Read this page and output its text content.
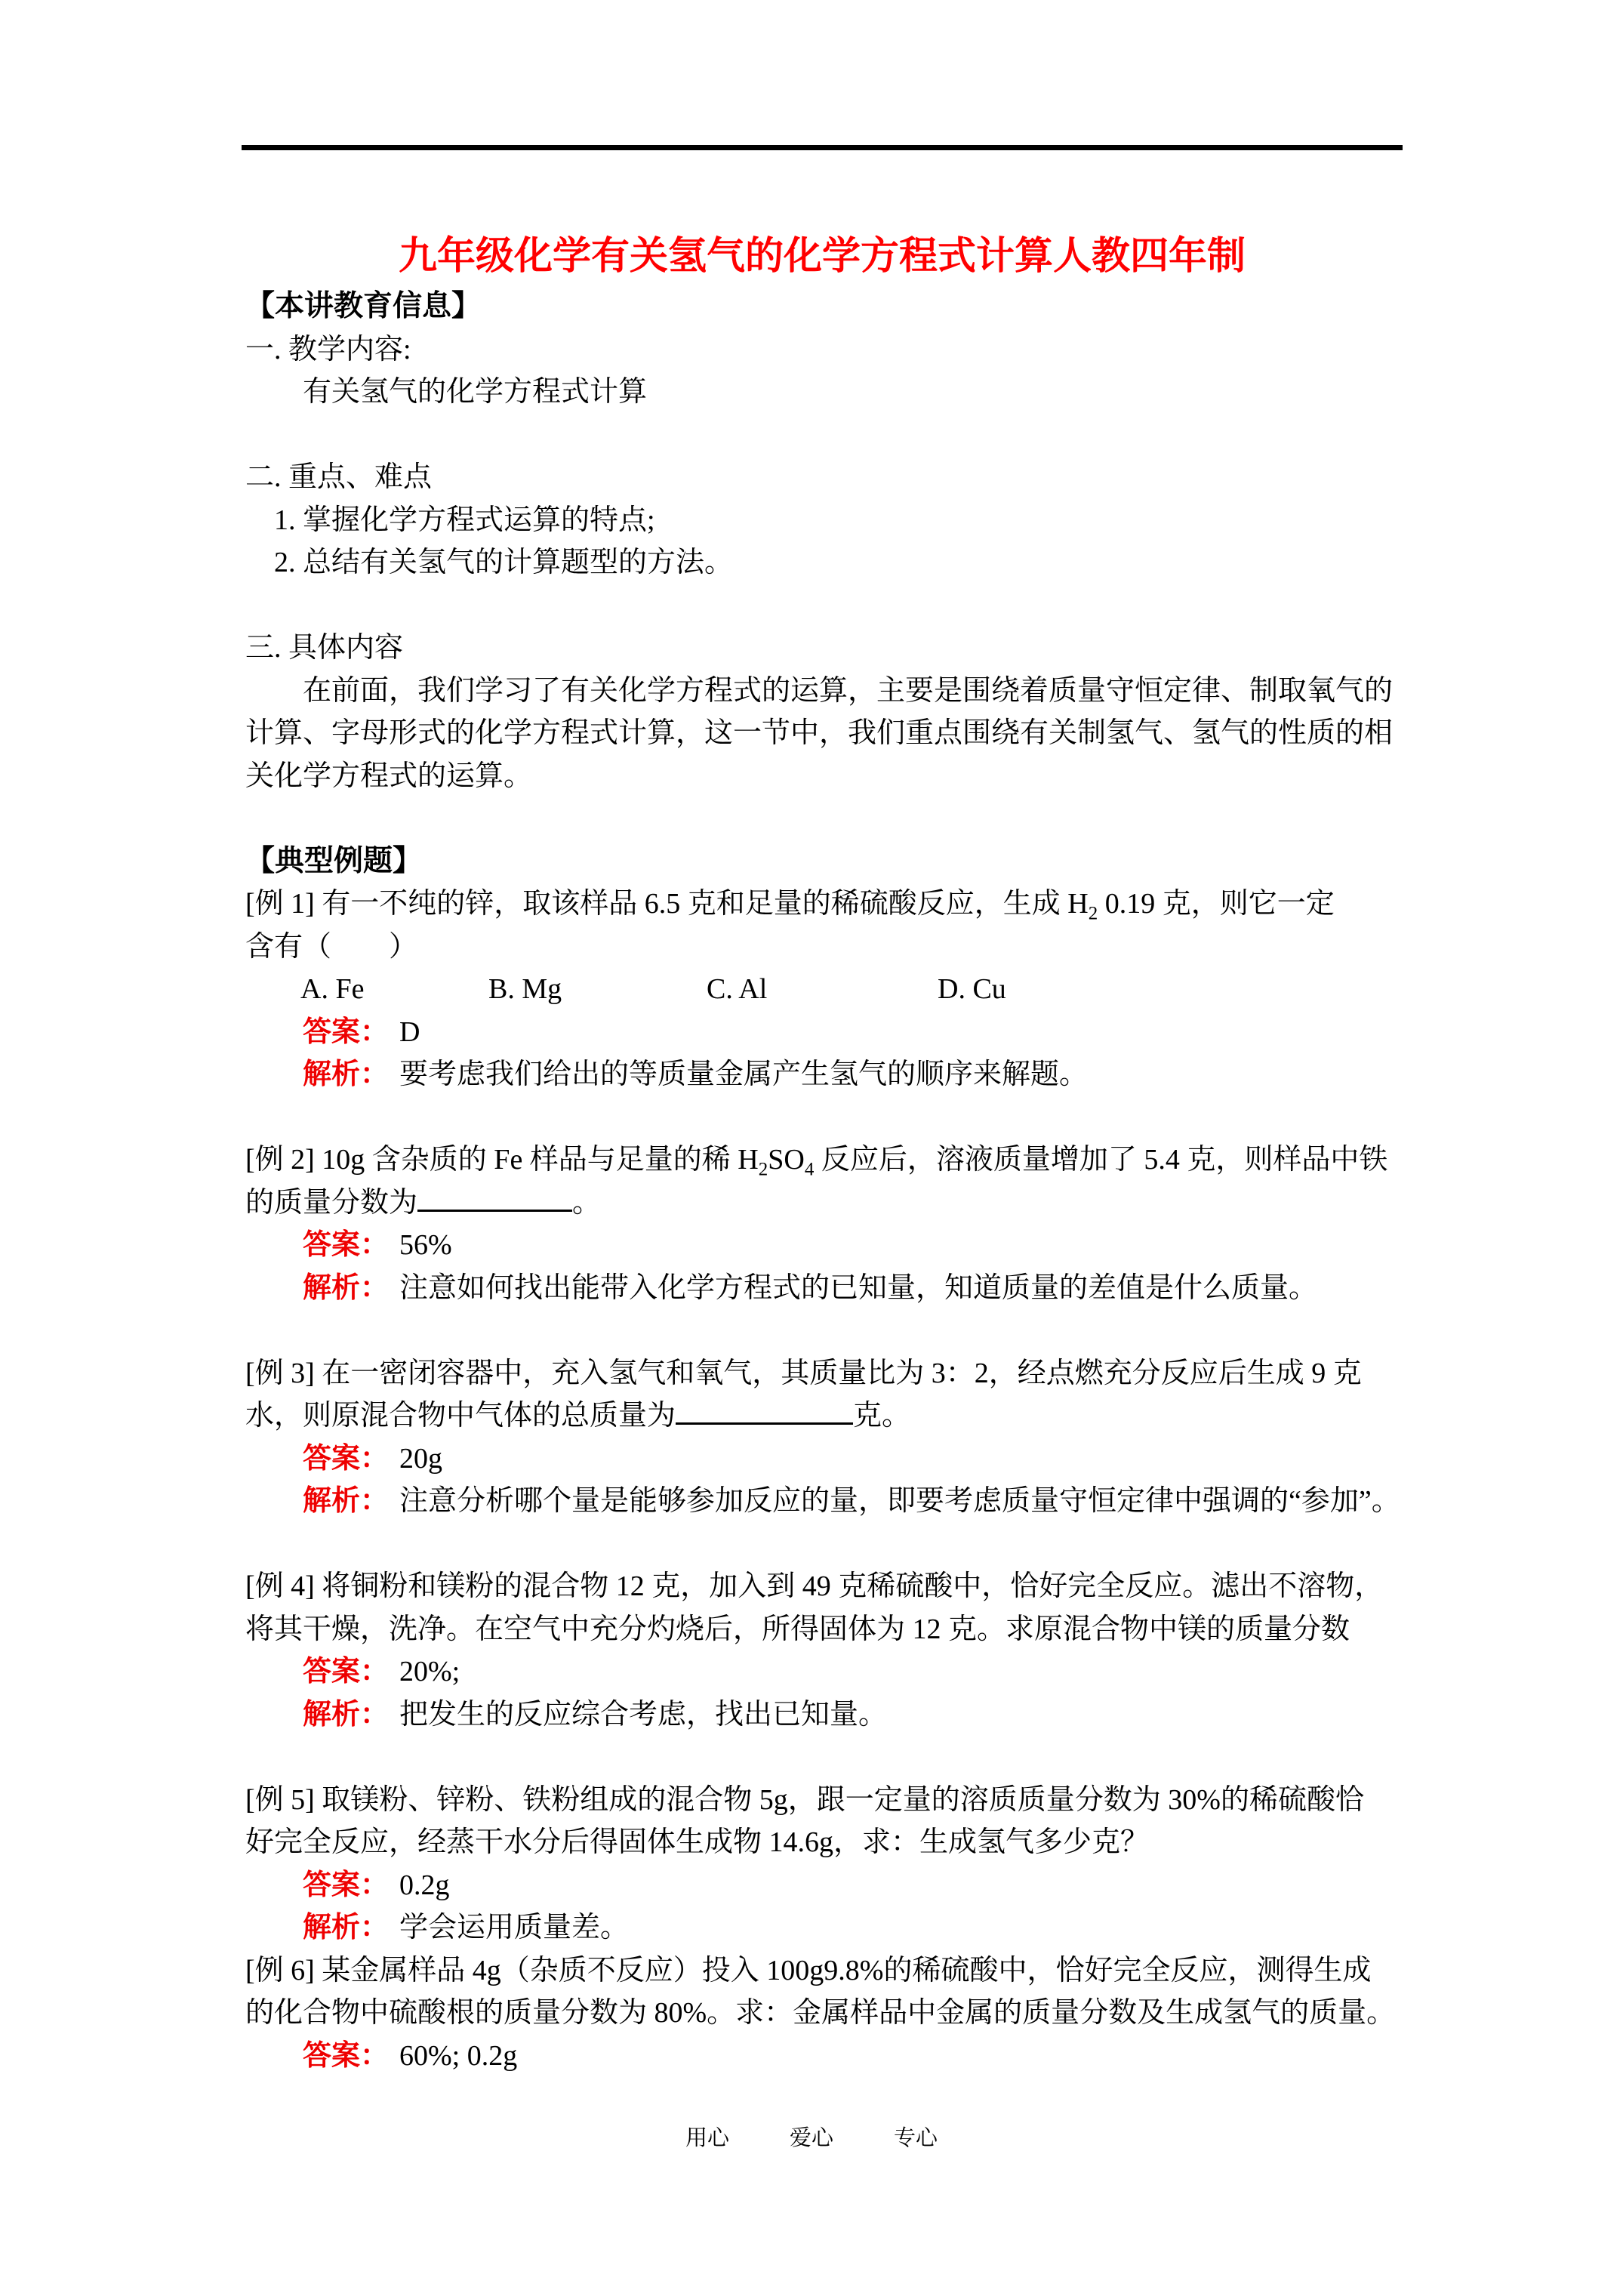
九年级化学有关氢气的化学方程式计算人教四年制
【本讲教育信息】
一. 教学内容:
有关氢气的化学方程式计算
二. 重点、难点
1. 掌握化学方程式运算的特点;
2. 总结有关氢气的计算题型的方法。
三. 具体内容
在前面，我们学习了有关化学方程式的运算，主要是围绕着质量守恒定律、制取氧气的
计算、字母形式的化学方程式计算，这一节中，我们重点围绕有关制氢气、氢气的性质的相
关化学方程式的运算。
【典型例题】
[例 1] 有一不纯的锌，取该样品 6.5 克和足量的稀硫酸反应，生成 $H_2$ 0.19 克，则它一定
含有（　　）
A. Fe	B. Mg	C. Al	D. Cu
答案： D
解析： 要考虑我们给出的等质量金属产生氢气的顺序来解题。
[例 2] 10g 含杂质的 Fe 样品与足量的稀 $H_2SO_4$ 反应后，溶液质量增加了 5.4 克，则样品中铁
的质量分数为	。
答案： 56%
解析： 注意如何找出能带入化学方程式的已知量，知道质量的差值是什么质量。
[例 3] 在一密闭容器中，充入氢气和氧气，其质量比为 3：2，经点燃充分反应后生成 9 克
水，则原混合物中气体的总质量为	克。
答案： 20g
解析： 注意分析哪个量是能够参加反应的量，即要考虑质量守恒定律中强调的“参加”。
[例 4] 将铜粉和镁粉的混合物 12 克，加入到 49 克稀硫酸中，恰好完全反应。滤出不溶物，
将其干燥，洗净。在空气中充分灼烧后，所得固体为 12 克。求原混合物中镁的质量分数
答案： 20%;
解析： 把发生的反应综合考虑，找出已知量。
[例 5] 取镁粉、锌粉、铁粉组成的混合物 5g，跟一定量的溶质质量分数为 30%的稀硫酸恰
好完全反应，经蒸干水分后得固体生成物 14.6g，求：生成氢气多少克？
答案： 0.2g
解析： 学会运用质量差。
[例 6] 某金属样品 4g（杂质不反应）投入 100g9.8%的稀硫酸中，恰好完全反应，测得生成
的化合物中硫酸根的质量分数为 80%。求：金属样品中金属的质量分数及生成氢气的质量。
答案： 60%; 0.2g
用心	爱心	专心
